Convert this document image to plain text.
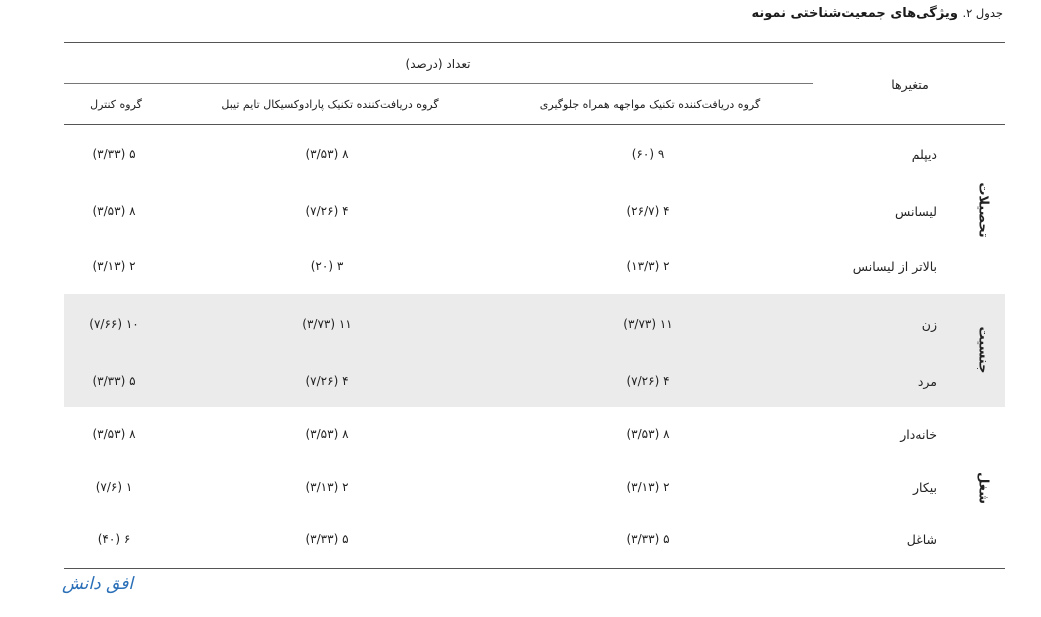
جدول ۲. ویژگی‌های جمعیت‌شناختی نمونه
تعداد (درصد)
متغیرها
گروه دریافت‌کننده تکنیک مواجهه همراه جلوگیری
گروه دریافت‌کننده تکنیک پارادوکسیکال تایم تیبل
گروه کنترل
تحصیلات
دیپلم
۹ (۶۰)
۸ (۳/۵۳)
۵ (۳/۳۳)
لیسانس
۴ (۲۶/۷)
۴ (۷/۲۶)
۸ (۳/۵۳)
بالاتر از لیسانس
۲ (۱۳/۳)
۳ (۲۰)
۲ (۳/۱۳)
جنسیت
زن
۱۱ (۳/۷۳)
۱۱ (۳/۷۳)
۱۰ (۷/۶۶)
مرد
۴ (۷/۲۶)
۴ (۷/۲۶)
۵ (۳/۳۳)
شغل
خانه‌دار
۸ (۳/۵۳)
۸ (۳/۵۳)
۸ (۳/۵۳)
بیکار
۲ (۳/۱۳)
۲ (۳/۱۳)
۱ (۷/۶)
شاغل
۵ (۳/۳۳)
۵ (۳/۳۳)
۶ (۴۰)
افق دانش
